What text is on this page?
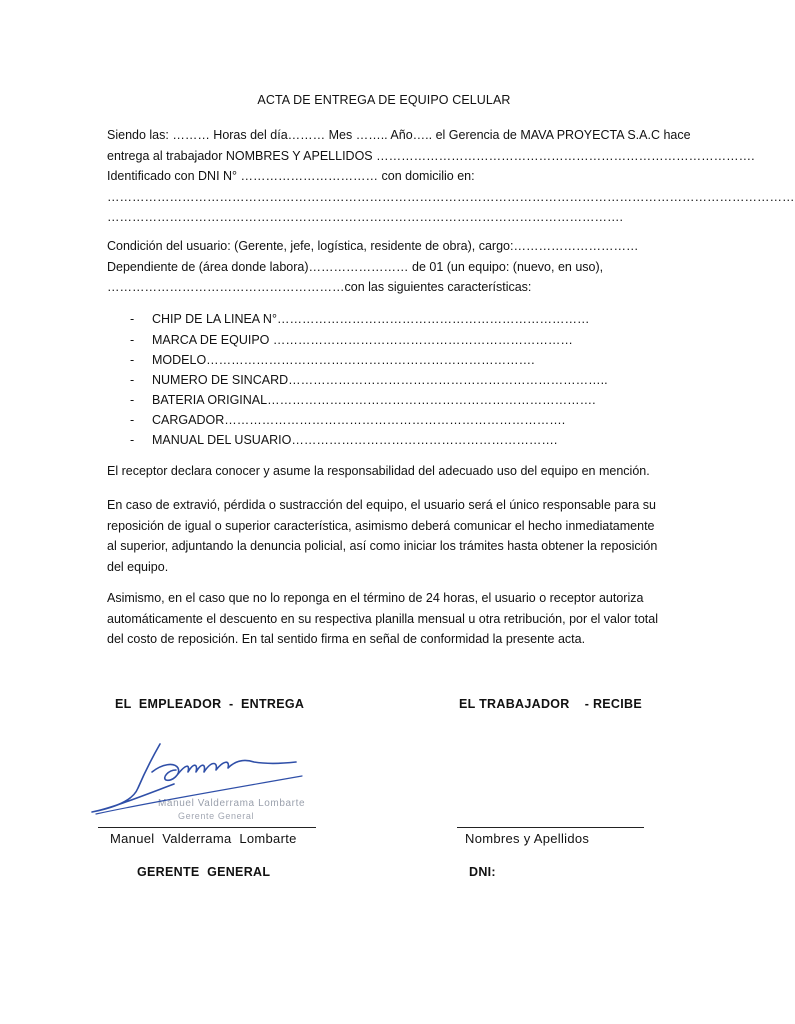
ACTA DE ENTREGA DE EQUIPO CELULAR
Siendo las: ……… Horas del día……… Mes …….. Año….. el Gerencia de MAVA PROYECTA S.A.C hace
entrega al trabajador NOMBRES Y APELLIDOS ……………………………………………………………………………….
Identificado con DNI N° …………………………… con domicilio en:
…………………………………………………………………………………………………………………………………………………
…………………………………………………………………………………………………………….
Condición del usuario: (Gerente, jefe, logística, residente de obra), cargo:…………………………
Dependiente de (área donde labora)…………………… de 01 (un equipo: (nuevo, en uso),
…………………………………………………con las siguientes características:
- CHIP DE LA LINEA N°…………………………………………………………………
- MARCA DE EQUIPO ………………………………………………………………
- MODELO…………………………………………………………………….
- NUMERO DE SINCARD…………………………………………………………………..
- BATERIA ORIGINAL…………………………………………………………………….
- CARGADOR……………………………………………………………………….
- MANUAL DEL USUARIO……………………………………………………….
El receptor declara conocer y asume la responsabilidad del adecuado uso del equipo en mención.
En caso de extravió, pérdida o sustracción del equipo, el usuario será el único responsable para su reposición de igual o superior característica, asimismo deberá comunicar el hecho inmediatamente al superior, adjuntando la denuncia policial, así como iniciar los trámites hasta obtener la reposición del equipo.
Asimismo, en el caso que no lo reponga en el término de 24 horas, el usuario o receptor autoriza automáticamente el descuento en su respectiva planilla mensual u otra retribución, por el valor total del costo de reposición. En tal sentido firma en señal de conformidad la presente acta.
EL  EMPLEADOR  -  ENTREGA	EL TRABAJADOR    - RECIBE
Manuel Valderrama Lombarte
Gerente General
Manuel  Valderrama  Lombarte	Nombres y Apellidos
GERENTE  GENERAL	DNI:
